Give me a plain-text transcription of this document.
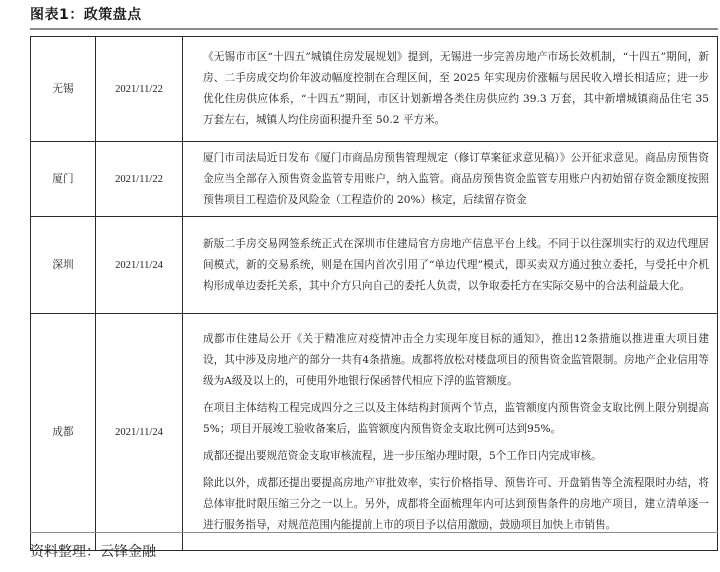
图表1：政策盘点
无锡	2021/11/22	《无锡市市区“十四五”城镇住房发展规划》提到，无锡进一步完善房地产市场长效机制，“十四五”期间，新房、二手房成交均价年波动幅度控制在合理区间，至 2025 年实现房价涨幅与居民收入增长相适应；进一步优化住房供应体系，“十四五”期间，市区计划新增各类住房供应约 39.3 万套，其中新增城镇商品住宅 35 万套左右，城镇人均住房面积提升至 50.2 平方米。

厦门	2021/11/22	厦门市司法局近日发布《厦门市商品房预售管理规定（修订草案征求意见稿）》公开征求意见。商品房预售资金应当全部存入预售资金监管专用账户，纳入监管。商品房预售资金监管专用账户内初始留存资金额度按照预售项目工程造价及风险金（工程造价的 20%）核定，后续留存资金

深圳	2021/11/24	新版二手房交易网签系统正式在深圳市住建局官方房地产信息平台上线。不同于以往深圳实行的双边代理居间模式，新的交易系统，则是在国内首次引用了“单边代理”模式，即买卖双方通过独立委托，与受托中介机构形成单边委托关系，其中介方只向自己的委托人负责，以争取委托方在实际交易中的合法利益最大化。

成都	2021/11/24	成都市住建局公开《关于精准应对疫情冲击全力实现年度目标的通知》，推出12条措施以推进重大项目建设，其中涉及房地产的部分一共有4条措施。成都将放松对楼盘项目的预售资金监管限制。房地产企业信用等级为A级及以上的，可使用外地银行保函替代相应下浮的监管额度。

在项目主体结构工程完成四分之三以及主体结构封顶两个节点，监管额度内预售资金支取比例上限分别提高5%；项目开展竣工验收备案后，监管额度内预售资金支取比例可达到95%。

成都还提出要规范资金支取审核流程，进一步压缩办理时限，5个工作日内完成审核。

除此以外，成都还提出要提高房地产审批效率，实行价格指导、预售许可、开盘销售等全流程限时办结，将总体审批时限压缩三分之一以上。另外，成都将全面梳理年内可达到预售条件的房地产项目，建立清单逐一进行服务指导，对规范范围内能提前上市的项目予以信用激励，鼓励项目加快上市销售。

资料整理：云锋金融
